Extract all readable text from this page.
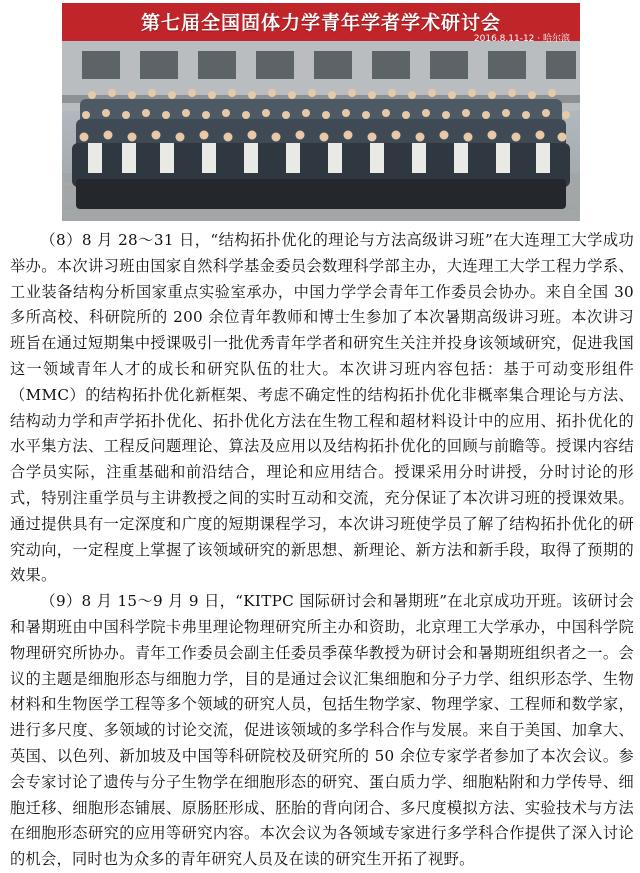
第七届全国固体力学青年学者学术研讨会
2016.8.11-12 · 哈尔滨

（8）8 月 28～31 日，“结构拓扑优化的理论与方法高级讲习班”在大连理工大学成功举办。本次讲习班由国家自然科学基金委员会数理科学部主办，大连理工大学工程力学系、工业装备结构分析国家重点实验室承办，中国力学学会青年工作委员会协办。来自全国 30 多所高校、科研院所的 200 余位青年教师和博士生参加了本次暑期高级讲习班。本次讲习班旨在通过短期集中授课吸引一批优秀青年学者和研究生关注并投身该领域研究，促进我国这一领域青年人才的成长和研究队伍的壮大。本次讲习班内容包括：基于可动变形组件（MMC）的结构拓扑优化新框架、考虑不确定性的结构拓扑优化非概率集合理论与方法、结构动力学和声学拓扑优化、拓扑优化方法在生物工程和超材料设计中的应用、拓扑优化的水平集方法、工程反问题理论、算法及应用以及结构拓扑优化的回顾与前瞻等。授课内容结合学员实际，注重基础和前沿结合，理论和应用结合。授课采用分时讲授，分时讨论的形式，特别注重学员与主讲教授之间的实时互动和交流，充分保证了本次讲习班的授课效果。通过提供具有一定深度和广度的短期课程学习，本次讲习班使学员了解了结构拓扑优化的研究动向，一定程度上掌握了该领域研究的新思想、新理论、新方法和新手段，取得了预期的效果。

（9）8 月 15～9 月 9 日，“KITPC 国际研讨会和暑期班”在北京成功开班。该研讨会和暑期班由中国科学院卡弗里理论物理研究所主办和资助，北京理工大学承办，中国科学院物理研究所协办。青年工作委员会副主任委员季葆华教授为研讨会和暑期班组织者之一。会议的主题是细胞形态与细胞力学，目的是通过会议汇集细胞和分子力学、组织形态学、生物材料和生物医学工程等多个领域的研究人员，包括生物学家、物理学家、工程师和数学家，进行多尺度、多领域的讨论交流，促进该领域的多学科合作与发展。来自于美国、加拿大、英国、以色列、新加坡及中国等科研院校及研究所的 50 余位专家学者参加了本次会议。参会专家讨论了遗传与分子生物学在细胞形态的研究、蛋白质力学、细胞粘附和力学传导、细胞迁移、细胞形态铺展、原肠胚形成、胚胎的背向闭合、多尺度模拟方法、实验技术与方法在细胞形态研究的应用等研究内容。本次会议为各领域专家进行多学科合作提供了深入讨论的机会，同时也为众多的青年研究人员及在读的研究生开拓了视野。
